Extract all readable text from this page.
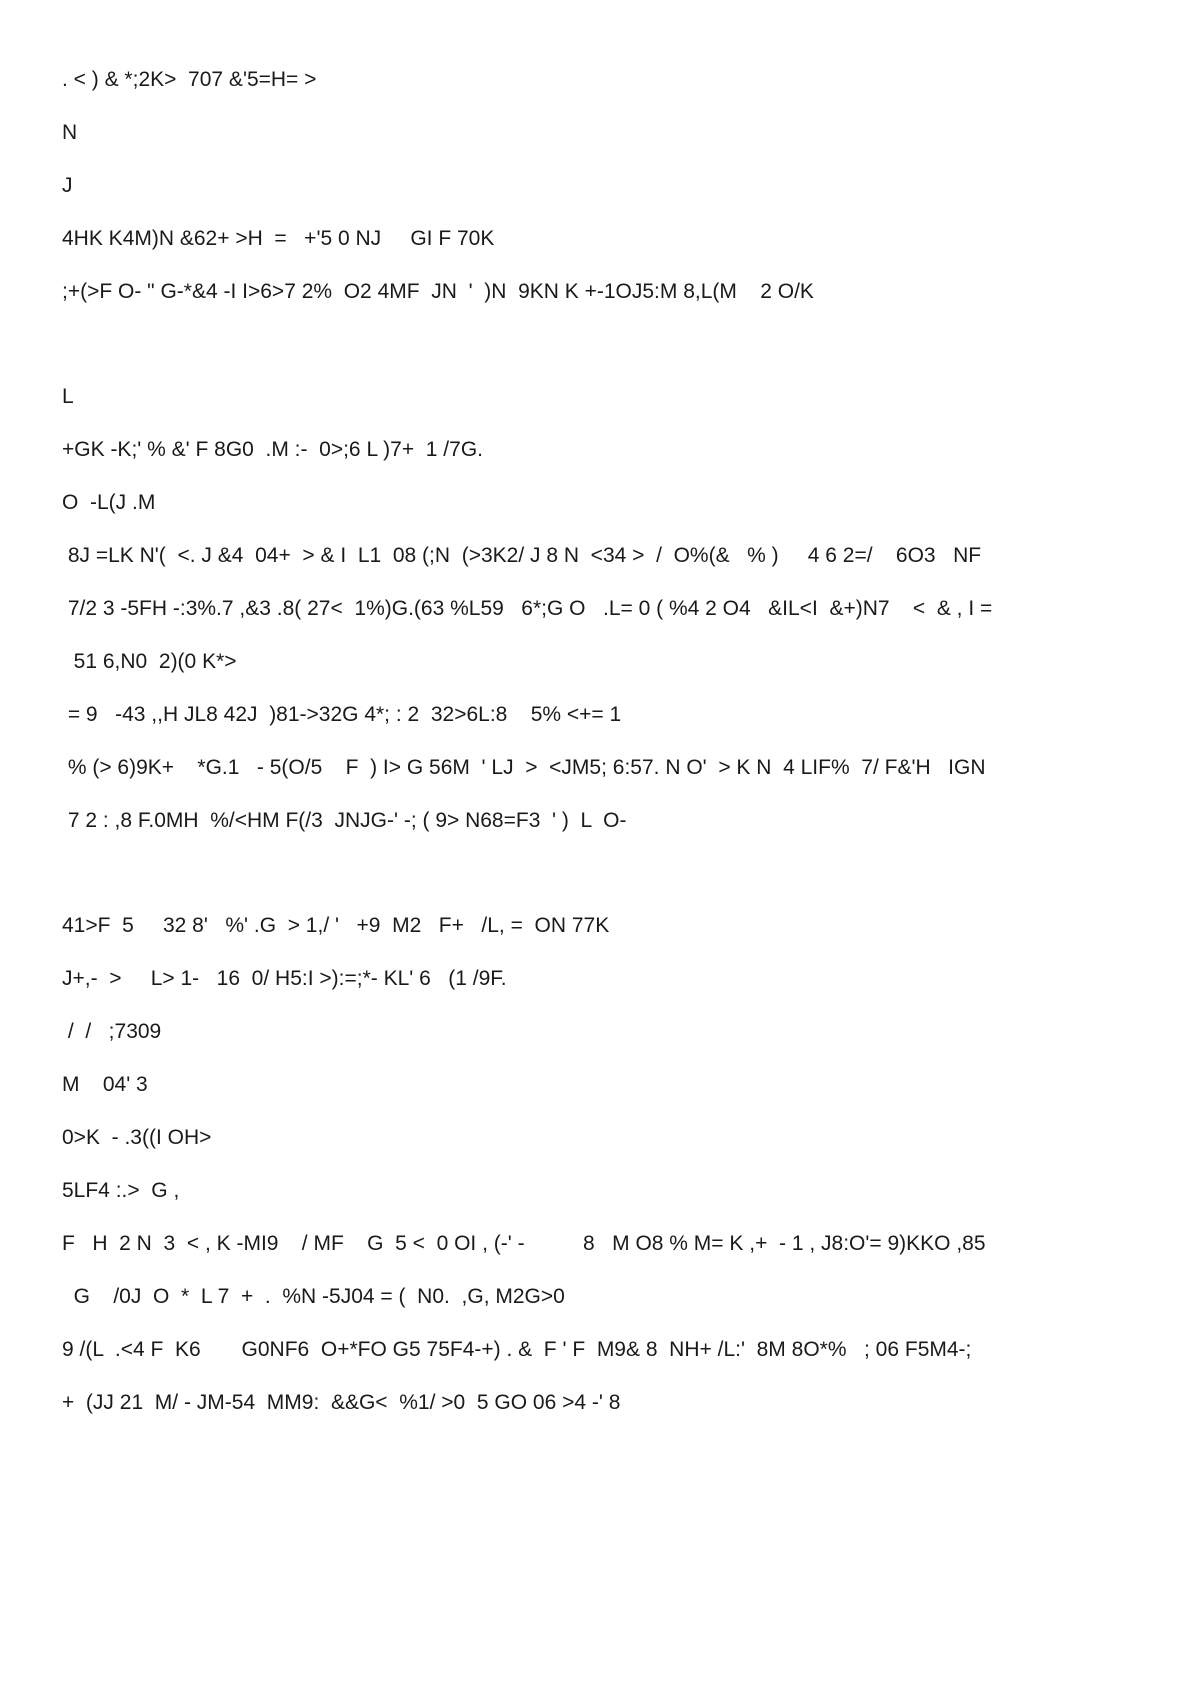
. < ) & *;2K>  707 &'5=H= >
N
J
4HK K4M)N &62+ >H  =   +'5 0 NJ     GI F 70K
;+(>F O- " G-*&4 -I I>6>7 2%  O2 4MF  JN  '  )N  9KN K +-1OJ5:M 8,L(M    2 O/K
L
+GK -K;' % &' F 8G0  .M :-  0>;6 L )7+  1 /7G.
O  -L(J .M
8J =LK N'(  <. J &4  04+  > & I  L1  08 (;N  (>3K2/ J 8 N  <34 >  /  O%(&   % )     4 6 2=/    6O3   NF
7/2 3 -5FH -:3%.7 ,&3 .8( 27<  1%)G.(63 %L59   6*;G O   .L= 0 ( %4 2 O4   &IL<I  &+)N7    <  & , I =
51 6,N0  2)(0 K*>
= 9   -43 ,,H JL8 42J  )81->32G 4*; : 2  32>6L:8    5% <+= 1
% (> 6)9K+    *G.1   - 5(O/5    F  ) I> G 56M  ' LJ  >  <JM5; 6:57. N O'  > K N  4 LIF%  7/ F&'H   IGN
7 2 : ,8 F.0MH  %/<HM F(/3  JNJG-' -; ( 9> N68=F3  ' )  L  O-
41>F  5     32 8'   %' .G  > 1,/ '   +9  M2   F+   /L, =  ON 77K
J+,-  >     L> 1-   16  0/ H5:I >):=;*- KL' 6   (1 /9F.
/  /   ;7309
M    04' 3
0>K  - .3((I OH>
5LF4 :.>  G ,
F   H  2 N  3  < , K -MI9    / MF    G  5 <  0 OI , (-' -          8   M O8 % M= K ,+  - 1 , J8:O'= 9)KKO ,85
G    /0J  O  *  L 7  +  .  %N -5J04 = (  N0.  ,G, M2G>0
9 /(L  .<4 F  K6       G0NF6  O+*FO G5 75F4-+) . &  F ' F  M9& 8  NH+ /L:'  8M 8O*%   ; 06 F5M4-;
+  (JJ 21  M/ - JM-54  MM9:  &&G<  %1/ >0  5 GO 06 >4 -' 8
